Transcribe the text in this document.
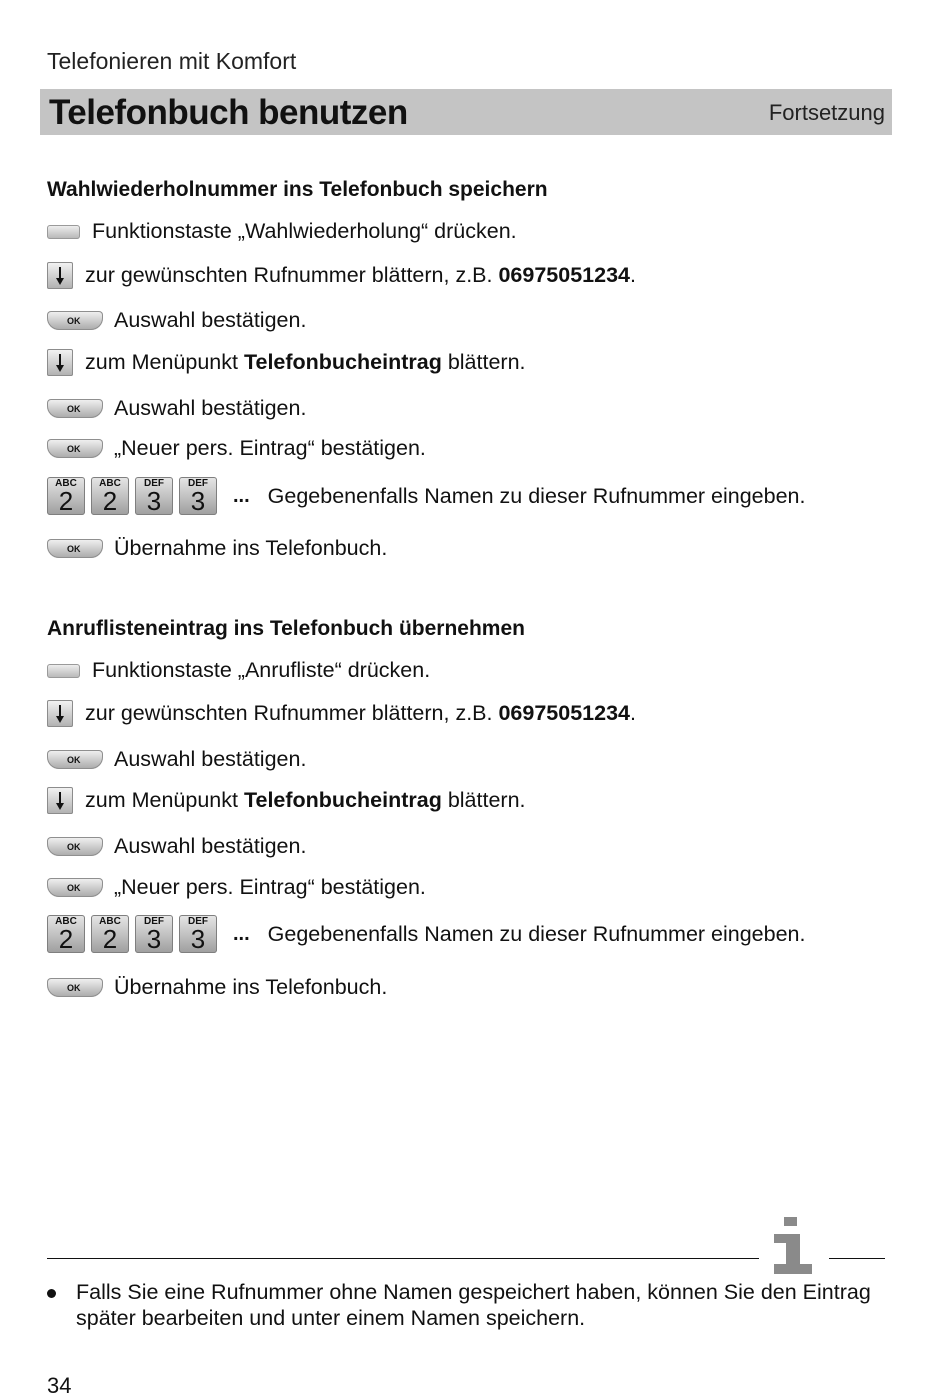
Telefonieren mit Komfort
Telefonbuch benutzen	Fortsetzung
Wahlwiederholnummer ins Telefonbuch speichern
Funktionstaste „Wahlwiederholung“ drücken.
zur gewünschten Rufnummer blättern, z.B. 06975051234.
OK	Auswahl bestätigen.
zum Menüpunkt Telefonbucheintrag blättern.
OK	Auswahl bestätigen.
OK	„Neuer pers. Eintrag“ bestätigen.
ABC
2
ABC
2
DEF
3
DEF
3	... Gegebenenfalls Namen zu dieser Rufnummer eingeben.
OK	Übernahme ins Telefonbuch.
Anruflisteneintrag ins Telefonbuch übernehmen
Funktionstaste „Anrufliste“ drücken.
zur gewünschten Rufnummer blättern, z.B. 06975051234.
OK	Auswahl bestätigen.
zum Menüpunkt Telefonbucheintrag blättern.
OK	Auswahl bestätigen.
OK	„Neuer pers. Eintrag“ bestätigen.
ABC
2
ABC
2
DEF
3
DEF
3	... Gegebenenfalls Namen zu dieser Rufnummer eingeben.
OK	Übernahme ins Telefonbuch.
Falls Sie eine Rufnummer ohne Namen gespeichert haben, können Sie den Eintrag später bearbeiten und unter einem Namen speichern.
34
